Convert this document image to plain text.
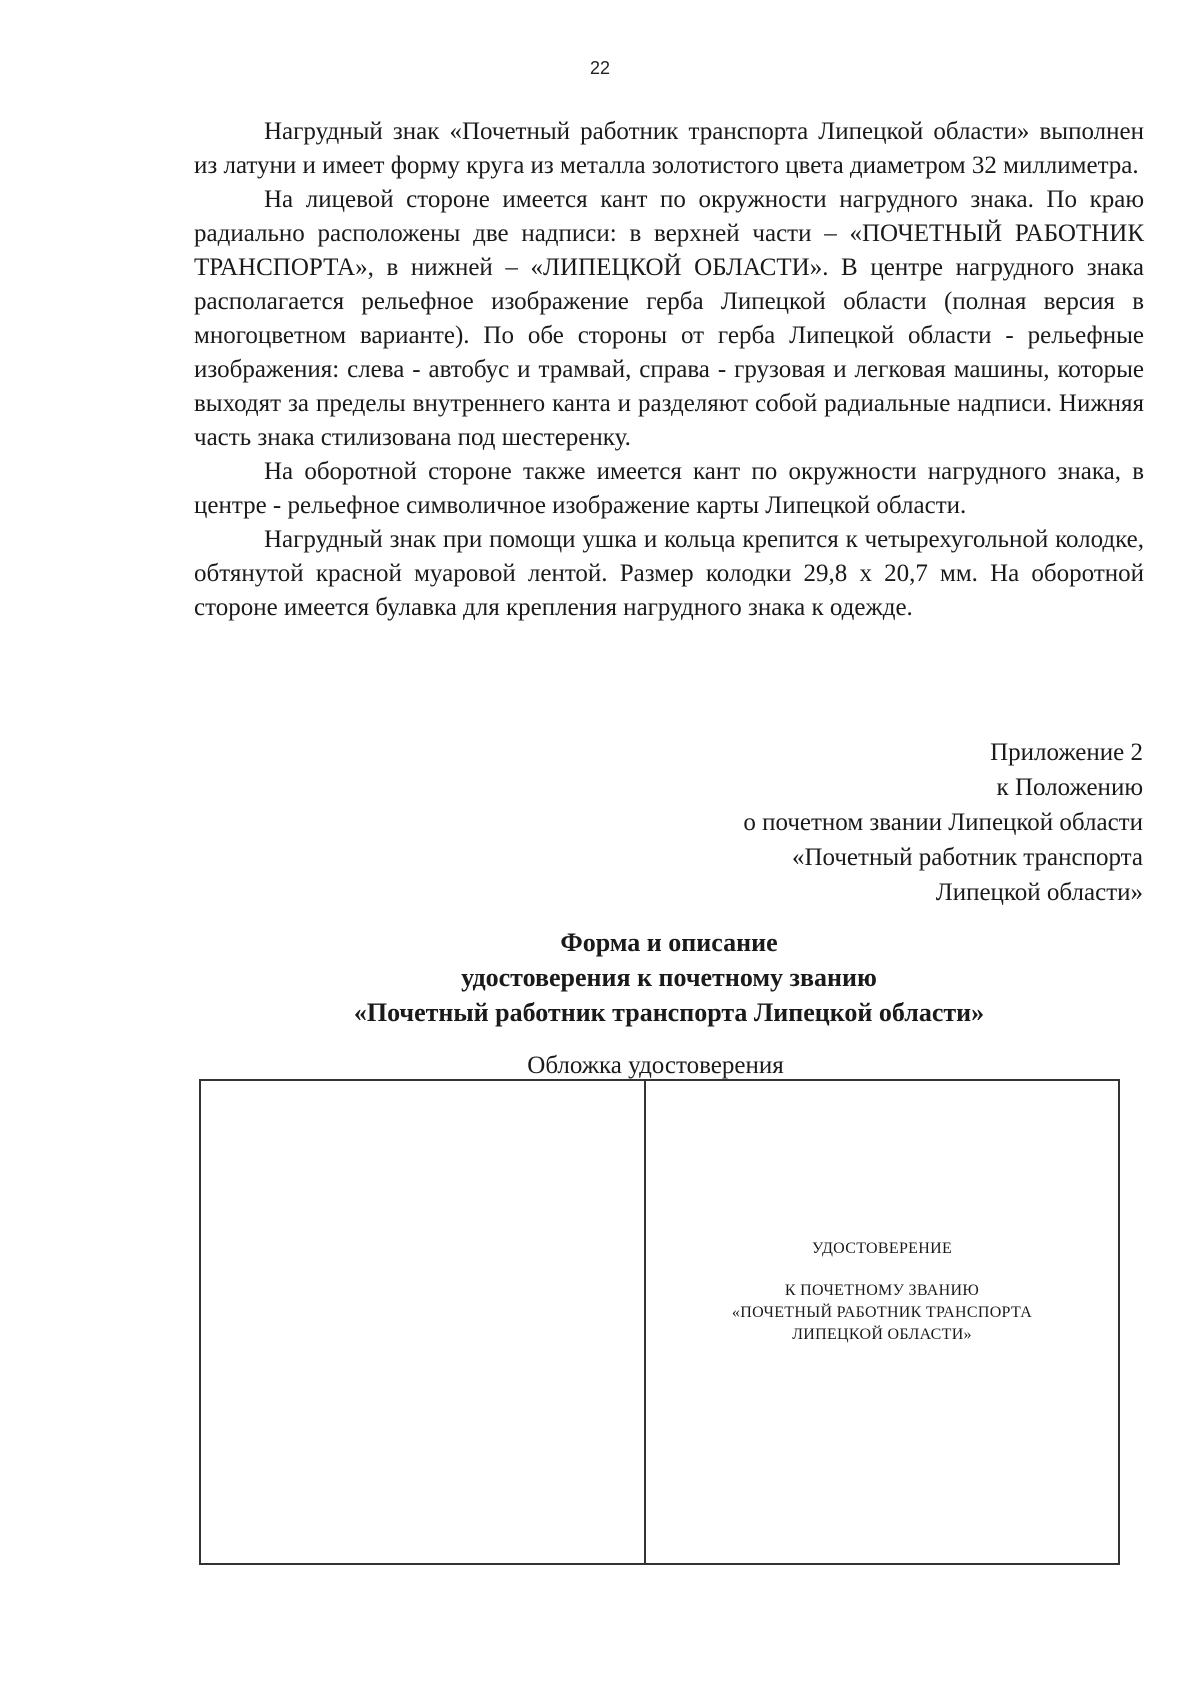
22

Нагрудный знак «Почетный работник транспорта Липецкой области» выполнен из латуни и имеет форму круга из металла золотистого цвета диаметром 32 миллиметра.

На лицевой стороне имеется кант по окружности нагрудного знака. По краю радиально расположены две надписи: в верхней части – «ПОЧЕТНЫЙ РАБОТНИК ТРАНСПОРТА», в нижней – «ЛИПЕЦКОЙ ОБЛАСТИ». В центре нагрудного знака располагается рельефное изображение герба Липецкой области (полная версия в многоцветном варианте). По обе стороны от герба Липецкой области - рельефные изображения: слева - автобус и трамвай, справа - грузовая и легковая машины, которые выходят за пределы внутреннего канта и разделяют собой радиальные надписи. Нижняя часть знака стилизована под шестеренку.

На оборотной стороне также имеется кант по окружности нагрудного знака, в центре - рельефное символичное изображение карты Липецкой области.

Нагрудный знак при помощи ушка и кольца крепится к четырехугольной колодке, обтянутой красной муаровой лентой. Размер колодки 29,8 х 20,7 мм. На оборотной стороне имеется булавка для крепления нагрудного знака к одежде.

Приложение 2
к Положению
о почетном звании Липецкой области
«Почетный работник транспорта
Липецкой области»
Форма и описание
удостоверения к почетному званию
«Почетный работник транспорта Липецкой области»
Обложка удостоверения
УДОСТОВЕРЕНИЕ
К ПОЧЕТНОМУ ЗВАНИЮ
«ПОЧЕТНЫЙ РАБОТНИК ТРАНСПОРТА
ЛИПЕЦКОЙ ОБЛАСТИ»
